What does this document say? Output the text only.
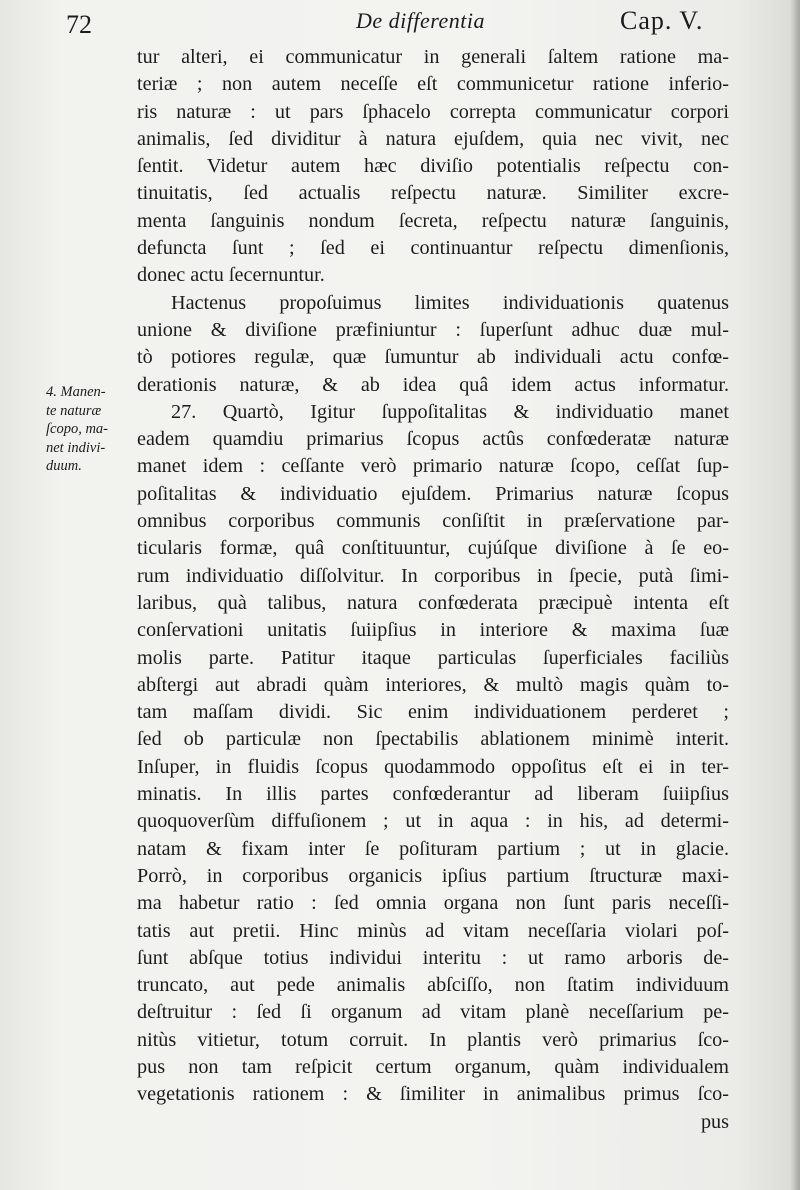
72	De differentia	Cap. V.
4. Manen-
te naturæ
ſcopo, ma-
net indivi-
duum.
tur alteri, ei communicatur in generali ſaltem ratione ma-
teriæ ; non autem neceſſe eſt communicetur ratione inferio-
ris naturæ : ut pars ſphacelo correpta communicatur corpori
animalis, ſed dividitur à natura ejuſdem, quia nec vivit, nec
ſentit. Videtur autem hæc diviſio potentialis reſpectu con-
tinuitatis, ſed actualis reſpectu naturæ. Similiter excre-
menta ſanguinis nondum ſecreta, reſpectu naturæ ſanguinis,
defuncta ſunt ; ſed ei continuantur reſpectu dimenſionis,
donec actu ſecernuntur.
Hactenus propoſuimus limites individuationis quatenus
unione & diviſione præfiniuntur : ſuperſunt adhuc duæ mul-
tò potiores regulæ, quæ ſumuntur ab individuali actu confœ-
derationis naturæ, & ab idea quâ idem actus informatur.
27. Quartò, Igitur ſuppoſitalitas & individuatio manet
eadem quamdiu primarius ſcopus actûs confœderatæ naturæ
manet idem : ceſſante verò primario naturæ ſcopo, ceſſat ſup-
poſitalitas & individuatio ejuſdem. Primarius naturæ ſcopus
omnibus corporibus communis conſiſtit in præſervatione par-
ticularis formæ, quâ conſtituuntur, cujúſque diviſione à ſe eo-
rum individuatio diſſolvitur. In corporibus in ſpecie, putà ſimi-
laribus, quà talibus, natura confœderata præcipuè intenta eſt
conſervationi unitatis ſuiipſius in interiore & maxima ſuæ
molis parte. Patitur itaque particulas ſuperficiales faciliùs
abſtergi aut abradi quàm interiores, & multò magis quàm to-
tam maſſam dividi. Sic enim individuationem perderet ;
ſed ob particulæ non ſpectabilis ablationem minimè interit.
Inſuper, in fluidis ſcopus quodammodo oppoſitus eſt ei in ter-
minatis. In illis partes confœderantur ad liberam ſuiipſius
quoquoverſùm diffuſionem ; ut in aqua : in his, ad determi-
natam & fixam inter ſe poſituram partium ; ut in glacie.
Porrò, in corporibus organicis ipſius partium ſtructuræ maxi-
ma habetur ratio : ſed omnia organa non ſunt paris neceſſi-
tatis aut pretii. Hinc minùs ad vitam neceſſaria violari poſ-
ſunt abſque totius individui interitu : ut ramo arboris de-
truncato, aut pede animalis abſciſſo, non ſtatim individuum
deſtruitur : ſed ſi organum ad vitam planè neceſſarium pe-
nitùs vitietur, totum corruit. In plantis verò primarius ſco-
pus non tam reſpicit certum organum, quàm individualem
vegetationis rationem : & ſimiliter in animalibus primus ſco-
pus
